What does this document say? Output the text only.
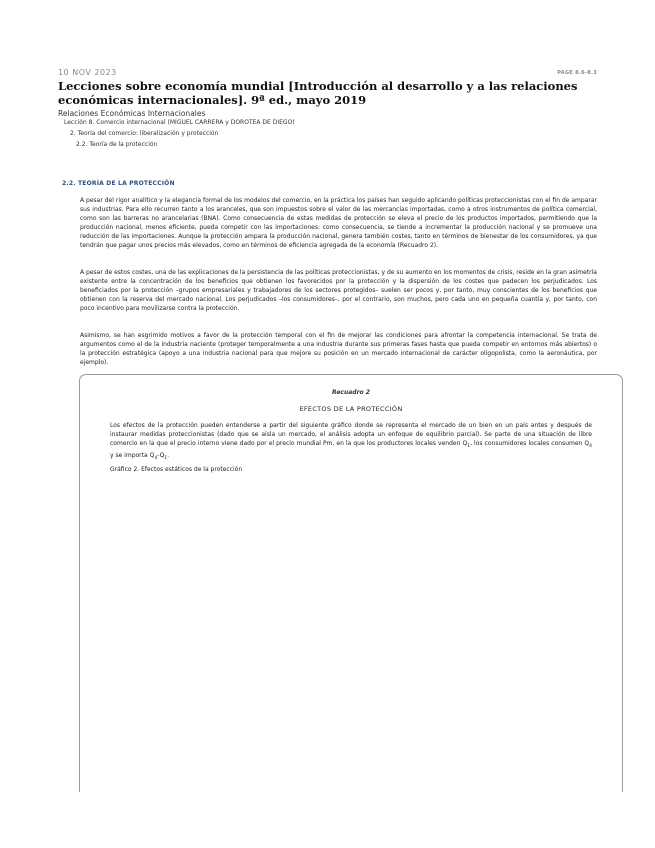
10 NOV 2023	PAGE 8.6-8.3
Lecciones sobre economía mundial [Introducción al desarrollo y a las relaciones económicas internacionales]. 9ª ed., mayo 2019
Relaciones Económicas Internacionales
Lección 8. Comercio internacional (MIGUEL CARRERA y DOROTEA DE DIEGO)
2. Teoría del comercio: liberalización y protección
2.2. Teoría de la protección
2.2. TEORÍA DE LA PROTECCIÓN

A pesar del rigor analítico y la elegancia formal de los modelos del comercio, en la práctica los países han seguido aplicando políticas proteccionistas con el fin de amparar sus industrias. Para ello recurren tanto a los aranceles, que son impuestos sobre el valor de las mercancías importadas, como a otros instrumentos de política comercial, como son las barreras no arancelarias (BNA). Como consecuencia de estas medidas de protección se eleva el precio de los productos importados, permitiendo que la producción nacional, menos eficiente, pueda competir con las importaciones: como consecuencia, se tiende a incrementar la producción nacional y se promueve una reducción de las importaciones. Aunque la protección ampara la producción nacional, genera también costes, tanto en términos de bienestar de los consumidores, ya que tendrán que pagar unos precios más elevados, como en términos de eficiencia agregada de la economía (Recuadro 2).

A pesar de estos costes, una de las explicaciones de la persistencia de las políticas proteccionistas, y de su aumento en los momentos de crisis, reside en la gran asimetría existente entre la concentración de los beneficios que obtienen los favorecidos por la protección y la dispersión de los costes que padecen los perjudicados. Los beneficiados por la protección –grupos empresariales y trabajadores de los sectores protegidos– suelen ser pocos y, por tanto, muy conscientes de los beneficios que obtienen con la reserva del mercado nacional. Los perjudicados –los consumidores–, por el contrario, son muchos, pero cada uno en pequeña cuantía y, por tanto, con poco incentivo para movilizarse contra la protección.

Asimismo, se han esgrimido motivos a favor de la protección temporal con el fin de mejorar las condiciones para afrontar la competencia internacional. Se trata de argumentos como el de la industria naciente (proteger temporalmente a una industria durante sus primeras fases hasta que pueda competir en entornos más abiertos) o la protección estratégica (apoyo a una industria nacional para que mejore su posición en un mercado internacional de carácter oligopolista, como la aeronáutica, por ejemplo).

Recuadro 2
EFECTOS DE LA PROTECCIÓN

Los efectos de la protección pueden entenderse a partir del siguiente gráfico donde se representa el mercado de un bien en un país antes y después de instaurar medidas proteccionistas (dado que se aísla un mercado, el análisis adopta un enfoque de equilibrio parcial). Se parte de una situación de libre comercio en la que el precio interno viene dado por el precio mundial Pm, en la que los productores locales venden $Q_1$, los consumidores locales consumen $Q_4$ y se importa $Q_4-Q_1$.

Gráfico 2. Efectos estáticos de la protección
